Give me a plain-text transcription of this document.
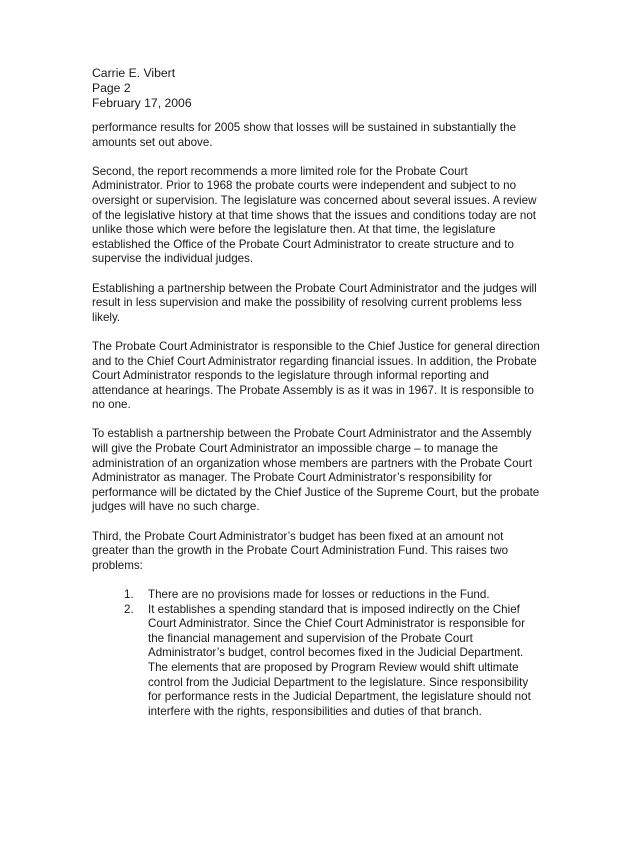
Carrie E. Vibert
Page 2
February 17, 2006

performance results for 2005 show that losses will be sustained in substantially the amounts set out above.

Second, the report recommends a more limited role for the Probate Court Administrator. Prior to 1968 the probate courts were independent and subject to no oversight or supervision. The legislature was concerned about several issues. A review of the legislative history at that time shows that the issues and conditions today are not unlike those which were before the legislature then. At that time, the legislature established the Office of the Probate Court Administrator to create structure and to supervise the individual judges.

Establishing a partnership between the Probate Court Administrator and the judges will result in less supervision and make the possibility of resolving current problems less likely.

The Probate Court Administrator is responsible to the Chief Justice for general direction and to the Chief Court Administrator regarding financial issues. In addition, the Probate Court Administrator responds to the legislature through informal reporting and attendance at hearings. The Probate Assembly is as it was in 1967. It is responsible to no one.

To establish a partnership between the Probate Court Administrator and the Assembly will give the Probate Court Administrator an impossible charge – to manage the administration of an organization whose members are partners with the Probate Court Administrator as manager. The Probate Court Administrator’s responsibility for performance will be dictated by the Chief Justice of the Supreme Court, but the probate judges will have no such charge.

Third, the Probate Court Administrator’s budget has been fixed at an amount not greater than the growth in the Probate Court Administration Fund. This raises two problems:

1. There are no provisions made for losses or reductions in the Fund.
2. It establishes a spending standard that is imposed indirectly on the Chief Court Administrator. Since the Chief Court Administrator is responsible for the financial management and supervision of the Probate Court Administrator’s budget, control becomes fixed in the Judicial Department. The elements that are proposed by Program Review would shift ultimate control from the Judicial Department to the legislature. Since responsibility for performance rests in the Judicial Department, the legislature should not interfere with the rights, responsibilities and duties of that branch.
